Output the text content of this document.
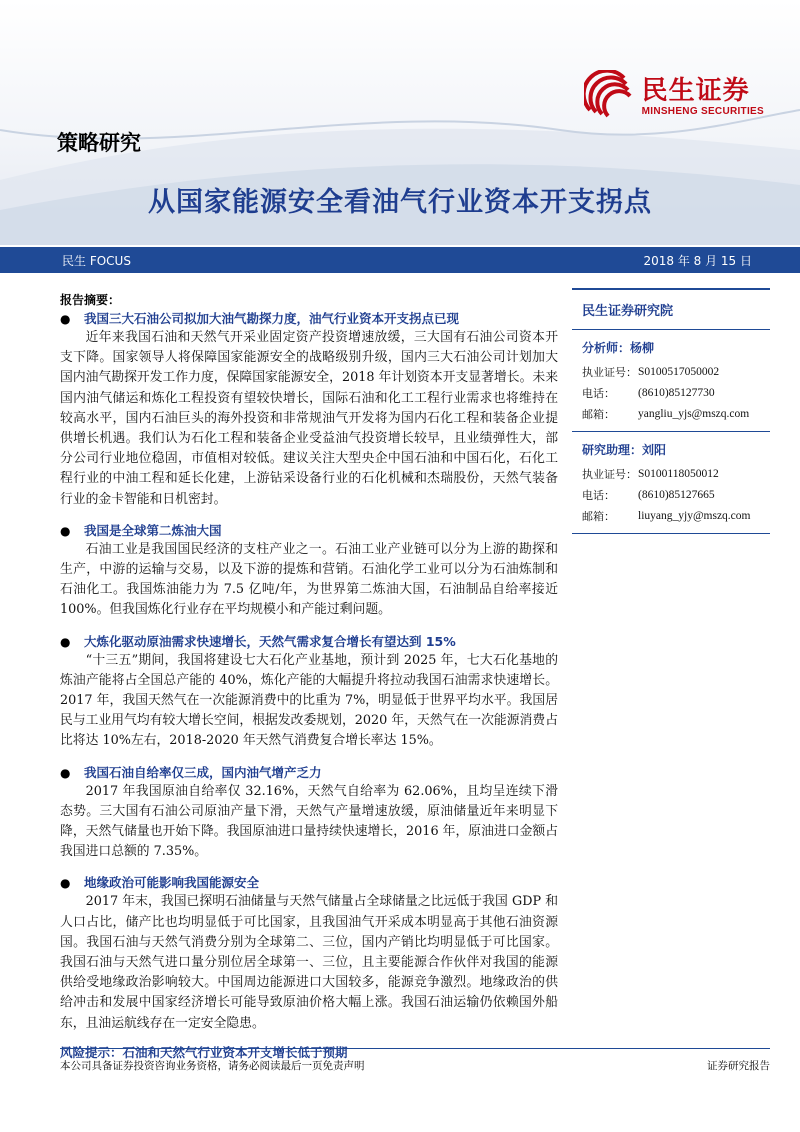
民生证券
MINSHENG SECURITIES
策略研究
从国家能源安全看油气行业资本开支拐点
民生 FOCUS	2018 年 8 月 15 日
报告摘要：
●	我国三大石油公司拟加大油气勘探力度，油气行业资本开支拐点已现

近年来我国石油和天然气开采业固定资产投资增速放缓，三大国有石油公司资本开支下降。国家领导人将保障国家能源安全的战略级别升级，国内三大石油公司计划加大国内油气勘探开发工作力度，保障国家能源安全，2018 年计划资本开支显著增长。未来国内油气储运和炼化工程投资有望较快增长，国际石油和化工工程行业需求也将维持在较高水平，国内石油巨头的海外投资和非常规油气开发将为国内石化工程和装备企业提供增长机遇。我们认为石化工程和装备企业受益油气投资增长较早，且业绩弹性大，部分公司行业地位稳固，市值相对较低。建议关注大型央企中国石油和中国石化，石化工程行业的中油工程和延长化建，上游钻采设备行业的石化机械和杰瑞股份，天然气装备行业的金卡智能和日机密封。

●	我国是全球第二炼油大国

石油工业是我国国民经济的支柱产业之一。石油工业产业链可以分为上游的勘探和生产，中游的运输与交易，以及下游的提炼和营销。石油化学工业可以分为石油炼制和石油化工。我国炼油能力为 7.5 亿吨/年，为世界第二炼油大国，石油制品自给率接近 100%。但我国炼化行业存在平均规模小和产能过剩问题。

●	大炼化驱动原油需求快速增长，天然气需求复合增长有望达到 15%

“十三五”期间，我国将建设七大石化产业基地，预计到 2025 年，七大石化基地的炼油产能将占全国总产能的 40%，炼化产能的大幅提升将拉动我国石油需求快速增长。2017 年，我国天然气在一次能源消费中的比重为 7%，明显低于世界平均水平。我国居民与工业用气均有较大增长空间，根据发改委规划，2020 年，天然气在一次能源消费占比将达 10%左右，2018-2020 年天然气消费复合增长率达 15%。

●	我国石油自给率仅三成，国内油气增产乏力

2017 年我国原油自给率仅 32.16%，天然气自给率为 62.06%，且均呈连续下滑态势。三大国有石油公司原油产量下滑，天然气产量增速放缓，原油储量近年来明显下降，天然气储量也开始下降。我国原油进口量持续快速增长，2016 年，原油进口金额占我国进口总额的 7.35%。

●	地缘政治可能影响我国能源安全

2017 年末，我国已探明石油储量与天然气储量占全球储量之比远低于我国 GDP 和人口占比，储产比也均明显低于可比国家，且我国油气开采成本明显高于其他石油资源国。我国石油与天然气消费分别为全球第二、三位，国内产销比均明显低于可比国家。我国石油与天然气进口量分别位居全球第一、三位，且主要能源合作伙伴对我国的能源供给受地缘政治影响较大。中国周边能源进口大国较多，能源竞争激烈。地缘政治的供给冲击和发展中国家经济增长可能导致原油价格大幅上涨。我国石油运输仍依赖国外船东，且油运航线存在一定安全隐患。

风险提示：石油和天然气行业资本开支增长低于预期
民生证券研究院
分析师：杨柳
执业证号： S0100517050002
电话：	(8610)85127730
邮箱：	yangliu_yjs@mszq.com
研究助理：刘阳
执业证号： S0100118050012
电话：	(8610)85127665
邮箱：	liuyang_yjy@mszq.com
本公司具备证券投资咨询业务资格，请务必阅读最后一页免责声明	证券研究报告
